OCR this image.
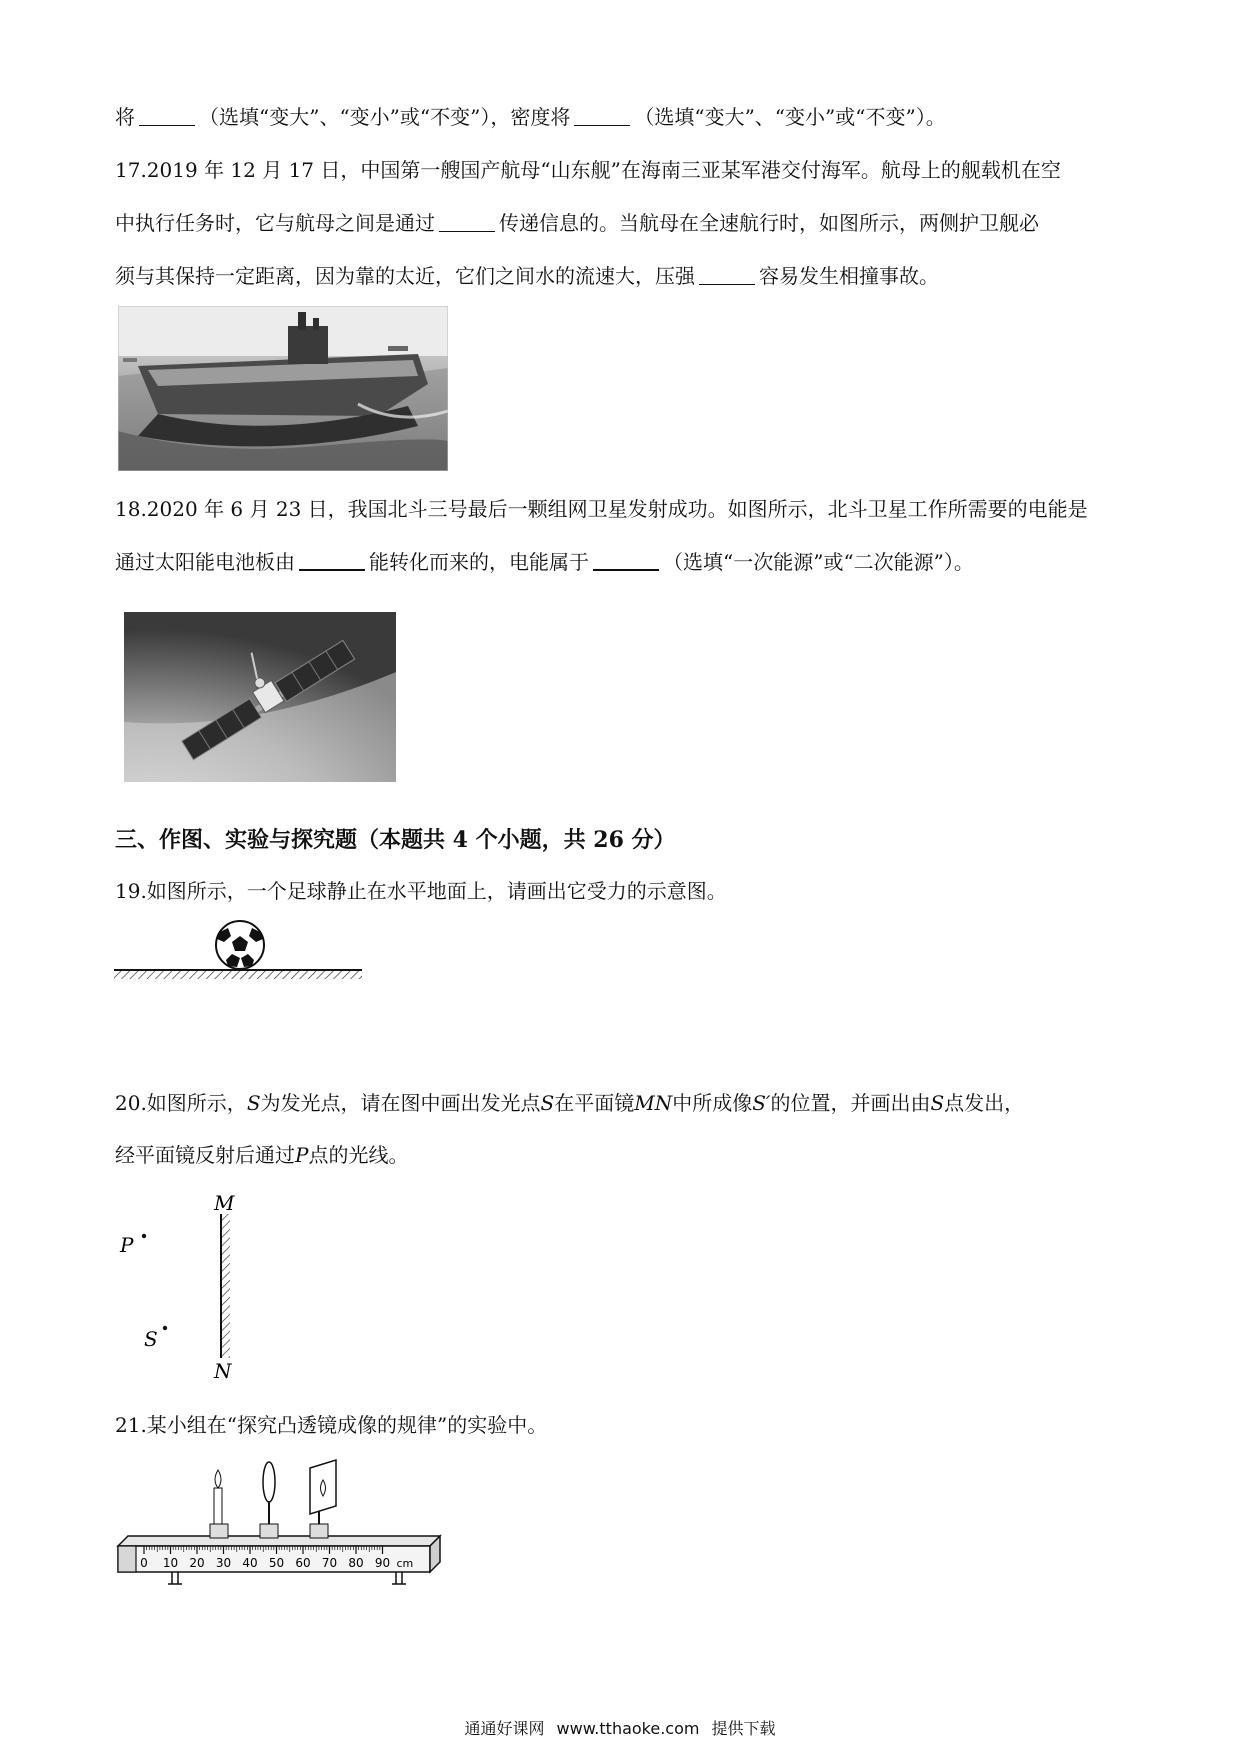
将	（选填“变大”、“变小”或“不变”），密度将	（选填“变大”、“变小”或“不变”）。
17.2019 年 12 月 17 日，中国第一艘国产航母“山东舰”在海南三亚某军港交付海军。航母上的舰载机在空
中执行任务时，它与航母之间是通过	传递信息的。当航母在全速航行时，如图所示，两侧护卫舰必
须与其保持一定距离，因为靠的太近，它们之间水的流速大，压强	容易发生相撞事故。
18.2020 年 6 月 23 日，我国北斗三号最后一颗组网卫星发射成功。如图所示，北斗卫星工作所需要的电能是
通过太阳能电池板由	能转化而来的，电能属于	（选填“一次能源”或“二次能源”）。
三、作图、实验与探究题（本题共 4 个小题，共 26 分）
19.如图所示，一个足球静止在水平地面上，请画出它受力的示意图。
20.如图所示，S为发光点，请在图中画出发光点S在平面镜MN中所成像S′的位置，并画出由S点发出，
经平面镜反射后通过P点的光线。
M
N
P
S
21.某小组在“探究凸透镜成像的规律”的实验中。
0 10 20 30 40 50 60 70 80 90 cm
通通好课网 www.tthaoke.com 提供下载
